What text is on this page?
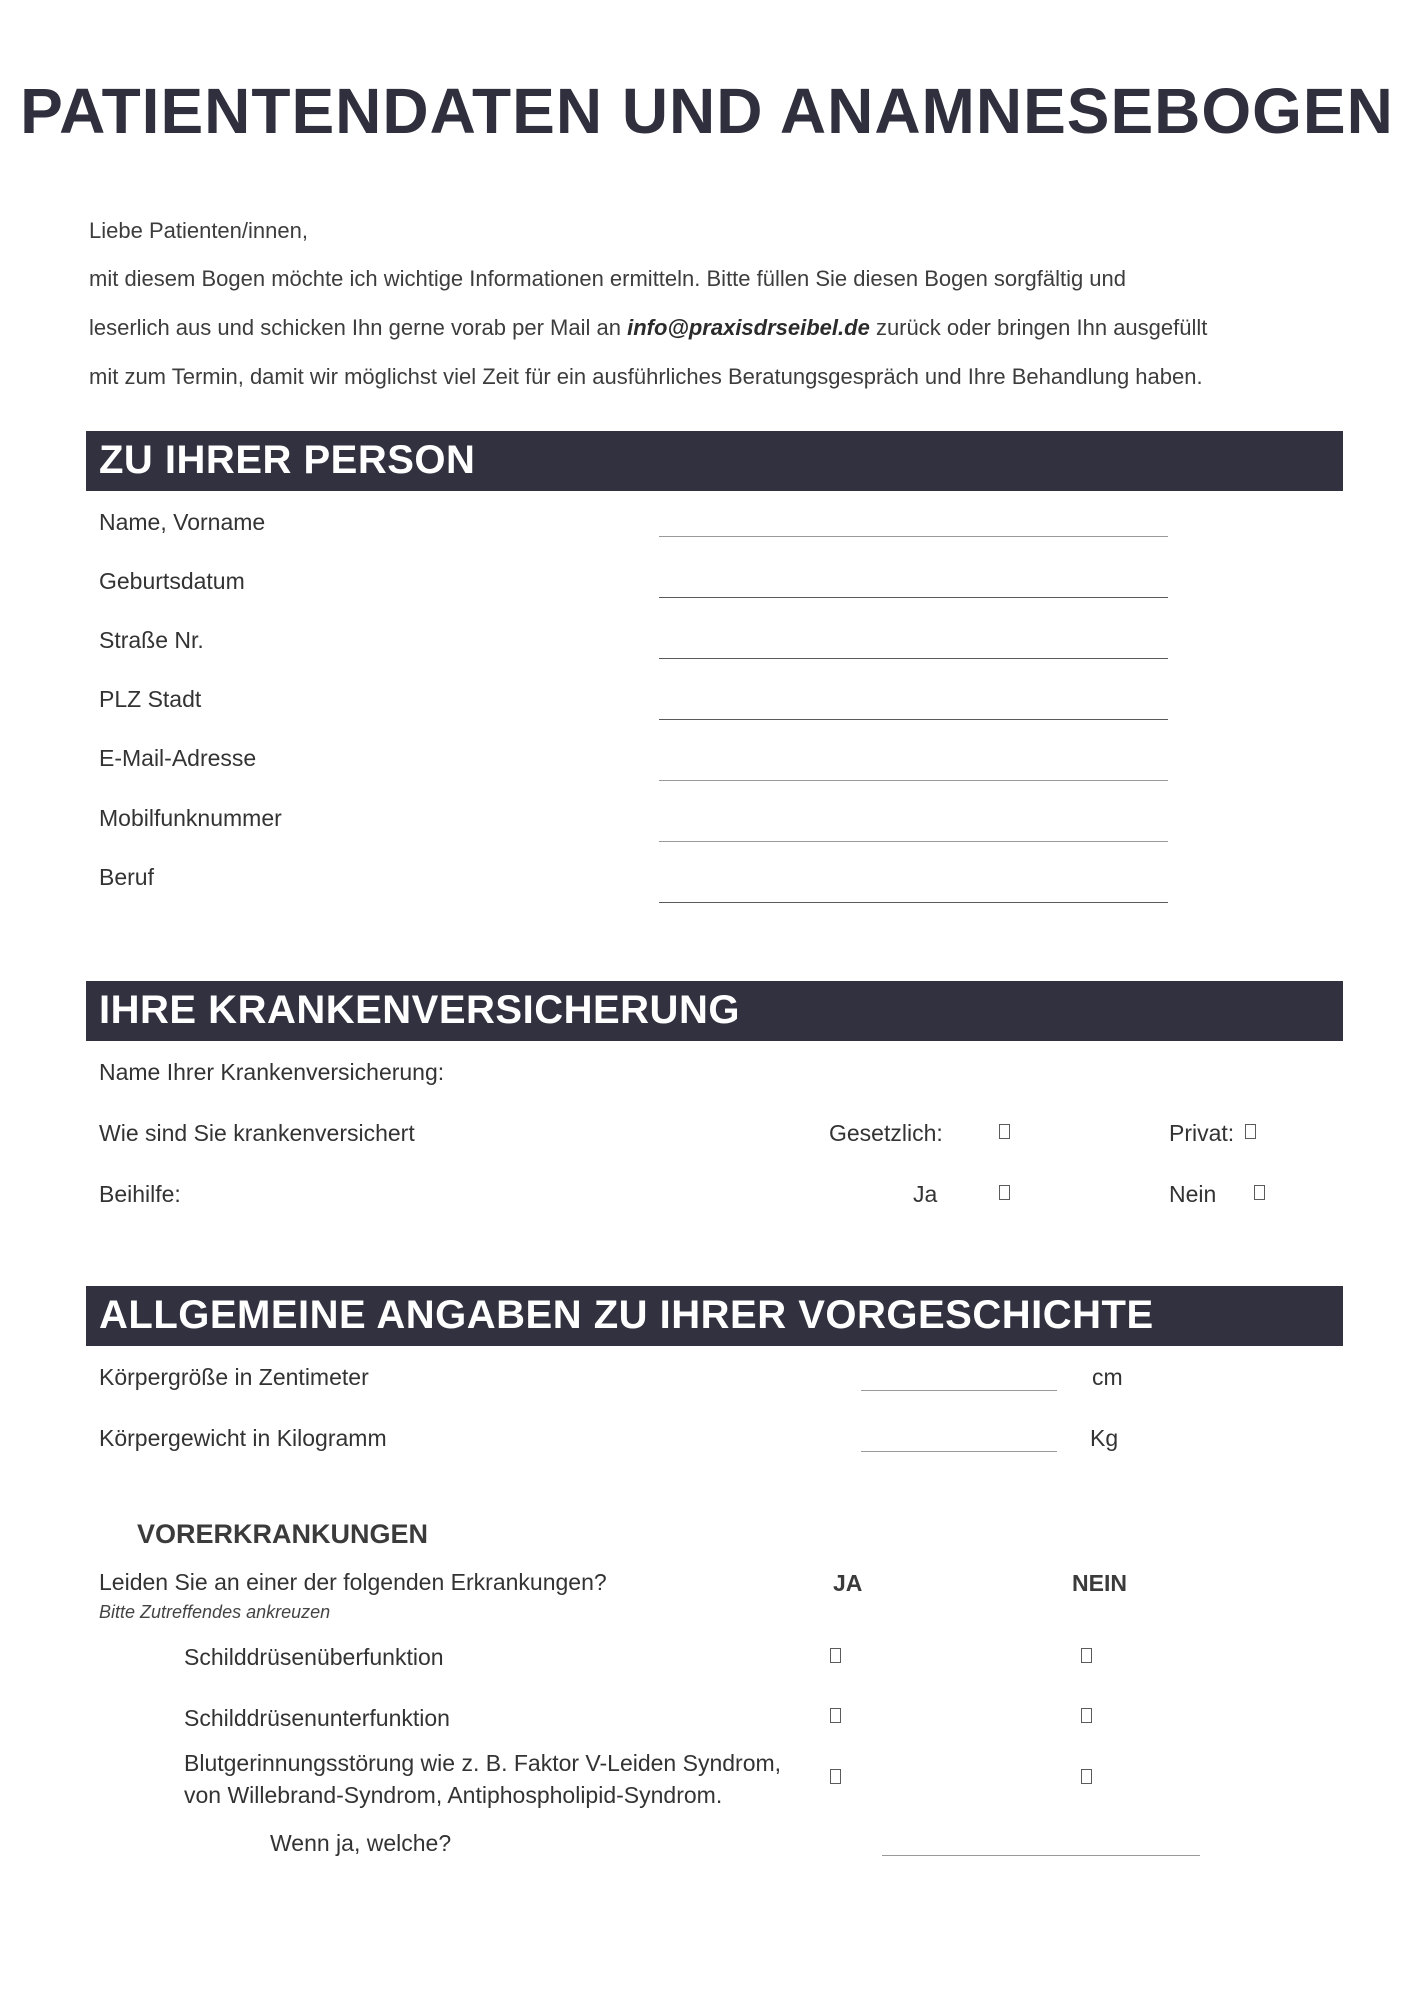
PATIENTENDATEN UND ANAMNESEBOGEN
Liebe Patienten/innen,
mit diesem Bogen möchte ich wichtige Informationen ermitteln. Bitte füllen Sie diesen Bogen sorgfältig und
leserlich aus und schicken Ihn gerne vorab per Mail an info@praxisdrseibel.de zurück oder bringen Ihn ausgefüllt
mit zum Termin, damit wir möglichst viel Zeit für ein ausführliches Beratungsgespräch und Ihre Behandlung haben.
ZU IHRER PERSON
Name, Vorname
Geburtsdatum
Straße Nr.
PLZ Stadt
E-Mail-Adresse
Mobilfunknummer
Beruf
IHRE KRANKENVERSICHERUNG
Name Ihrer Krankenversicherung:
Wie sind Sie krankenversichert	Gesetzlich:	Privat:
Beihilfe:	Ja	Nein
ALLGEMEINE ANGABEN ZU IHRER VORGESCHICHTE
Körpergröße in Zentimeter	cm
Körpergewicht in Kilogramm	Kg
VORERKRANKUNGEN
Leiden Sie an einer der folgenden Erkrankungen?
Bitte Zutreffendes ankreuzen
JA	NEIN
Schilddrüsenüberfunktion
Schilddrüsenunterfunktion
Blutgerinnungsstörung wie z. B. Faktor V-Leiden Syndrom,
von Willebrand-Syndrom, Antiphospholipid-Syndrom.
Wenn ja, welche?
